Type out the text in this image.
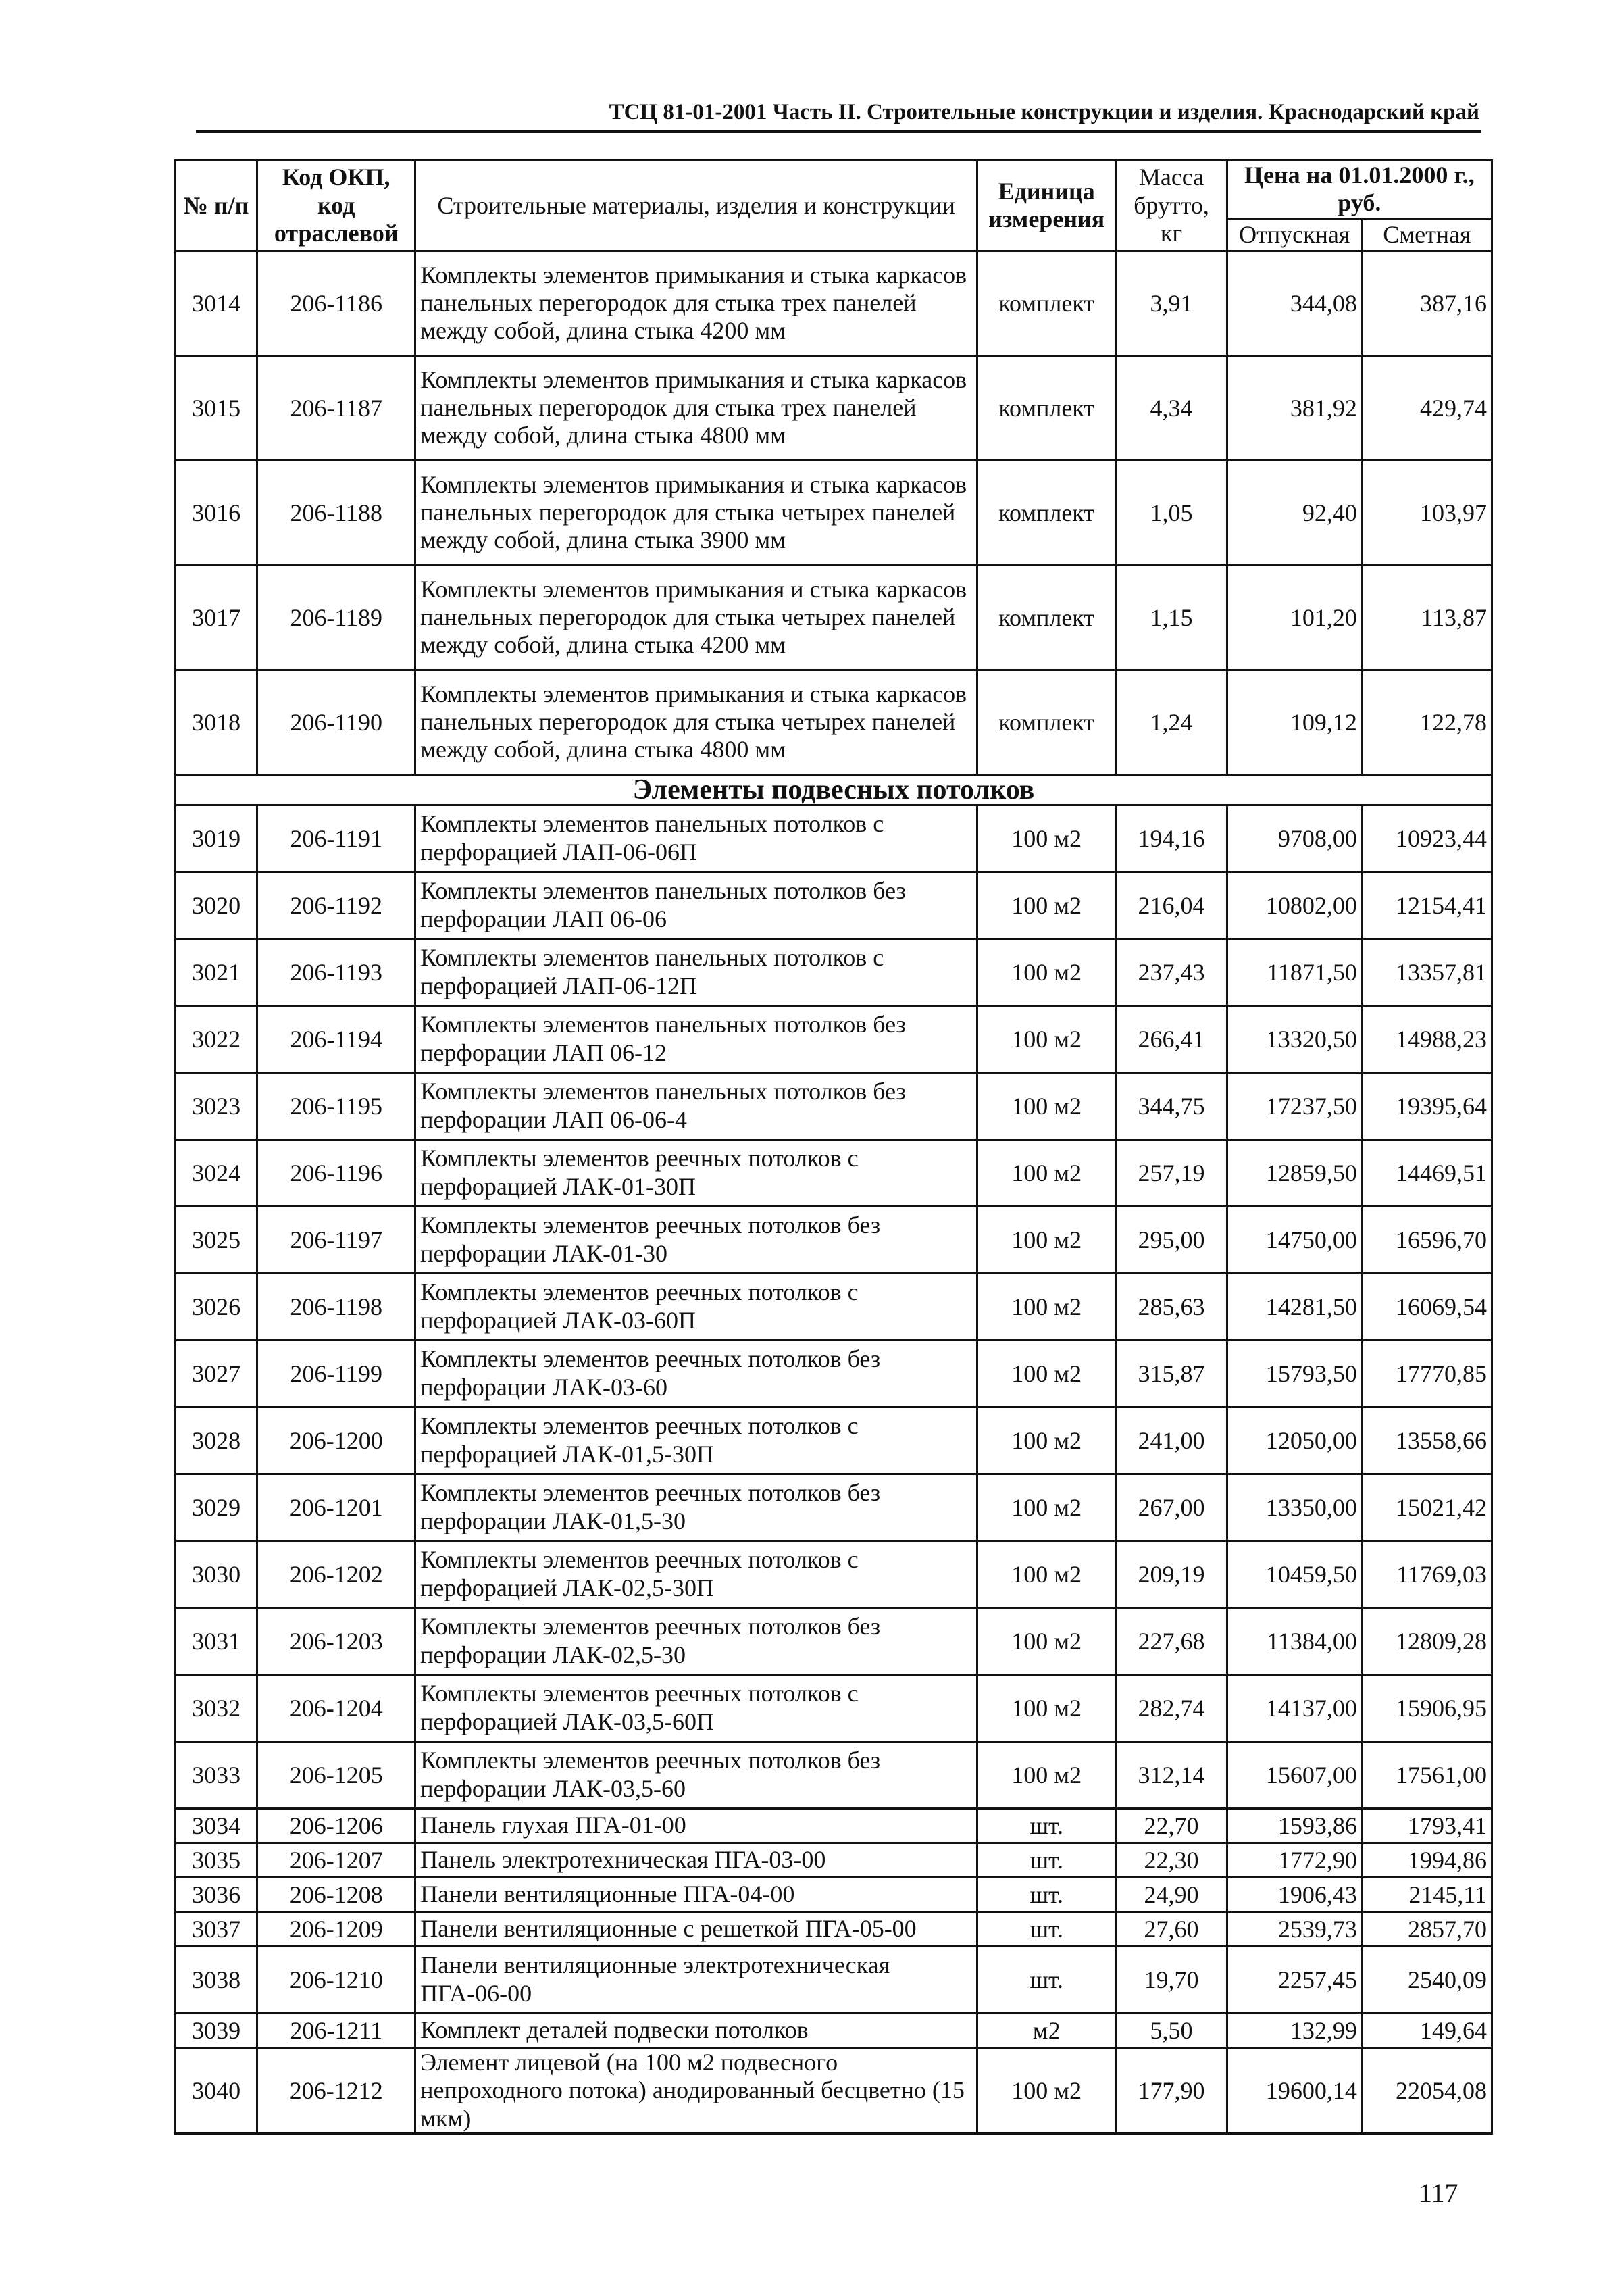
ТСЦ 81-01-2001 Часть II. Строительные конструкции и изделия. Краснодарский край
№ п/п	Код ОКП, код отраслевой	Строительные материалы, изделия и конструкции	Единица измерения	Масса брутто, кг	Цена на 01.01.2000 г., руб.	
					Отпускная	Сметная
3014	206-1186	Комплекты элементов примыкания и стыка каркасов панельных перегородок для стыка трех панелей между собой, длина стыка 4200 мм	комплект	3,91	344,08	387,16
3015	206-1187	Комплекты элементов примыкания и стыка каркасов панельных перегородок для стыка трех панелей между собой, длина стыка 4800 мм	комплект	4,34	381,92	429,74
3016	206-1188	Комплекты элементов примыкания и стыка каркасов панельных перегородок для стыка четырех панелей между собой, длина стыка 3900 мм	комплект	1,05	92,40	103,97
3017	206-1189	Комплекты элементов примыкания и стыка каркасов панельных перегородок для стыка четырех панелей между собой, длина стыка 4200 мм	комплект	1,15	101,20	113,87
3018	206-1190	Комплекты элементов примыкания и стыка каркасов панельных перегородок для стыка четырех панелей между собой, длина стыка 4800 мм	комплект	1,24	109,12	122,78
Элементы подвесных потолков						
3019	206-1191	Комплекты элементов панельных потолков с перфорацией ЛАП-06-06П	100 м2	194,16	9708,00	10923,44
3020	206-1192	Комплекты элементов панельных потолков без перфорации ЛАП 06-06	100 м2	216,04	10802,00	12154,41
3021	206-1193	Комплекты элементов панельных потолков с перфорацией ЛАП-06-12П	100 м2	237,43	11871,50	13357,81
3022	206-1194	Комплекты элементов панельных потолков без перфорации ЛАП 06-12	100 м2	266,41	13320,50	14988,23
3023	206-1195	Комплекты элементов панельных потолков без перфорации ЛАП 06-06-4	100 м2	344,75	17237,50	19395,64
3024	206-1196	Комплекты элементов реечных потолков с перфорацией ЛАК-01-30П	100 м2	257,19	12859,50	14469,51
3025	206-1197	Комплекты элементов реечных потолков без перфорации ЛАК-01-30	100 м2	295,00	14750,00	16596,70
3026	206-1198	Комплекты элементов реечных потолков с перфорацией ЛАК-03-60П	100 м2	285,63	14281,50	16069,54
3027	206-1199	Комплекты элементов реечных потолков без перфорации ЛАК-03-60	100 м2	315,87	15793,50	17770,85
3028	206-1200	Комплекты элементов реечных потолков с перфорацией ЛАК-01,5-30П	100 м2	241,00	12050,00	13558,66
3029	206-1201	Комплекты элементов реечных потолков без перфорации ЛАК-01,5-30	100 м2	267,00	13350,00	15021,42
3030	206-1202	Комплекты элементов реечных потолков с перфорацией ЛАК-02,5-30П	100 м2	209,19	10459,50	11769,03
3031	206-1203	Комплекты элементов реечных потолков без перфорации ЛАК-02,5-30	100 м2	227,68	11384,00	12809,28
3032	206-1204	Комплекты элементов реечных потолков с перфорацией ЛАК-03,5-60П	100 м2	282,74	14137,00	15906,95
3033	206-1205	Комплекты элементов реечных потолков без перфорации ЛАК-03,5-60	100 м2	312,14	15607,00	17561,00
3034	206-1206	Панель глухая ПГА-01-00	шт.	22,70	1593,86	1793,41
3035	206-1207	Панель электротехническая ПГА-03-00	шт.	22,30	1772,90	1994,86
3036	206-1208	Панели вентиляционные ПГА-04-00	шт.	24,90	1906,43	2145,11
3037	206-1209	Панели вентиляционные с решеткой ПГА-05-00	шт.	27,60	2539,73	2857,70
3038	206-1210	Панели вентиляционные электротехническая ПГА-06-00	шт.	19,70	2257,45	2540,09
3039	206-1211	Комплект деталей подвески потолков	м2	5,50	132,99	149,64
3040	206-1212	Элемент лицевой (на 100 м2 подвесного непроходного потока) анодированный бесцветно (15 мкм)	100 м2	177,90	19600,14	22054,08
117
